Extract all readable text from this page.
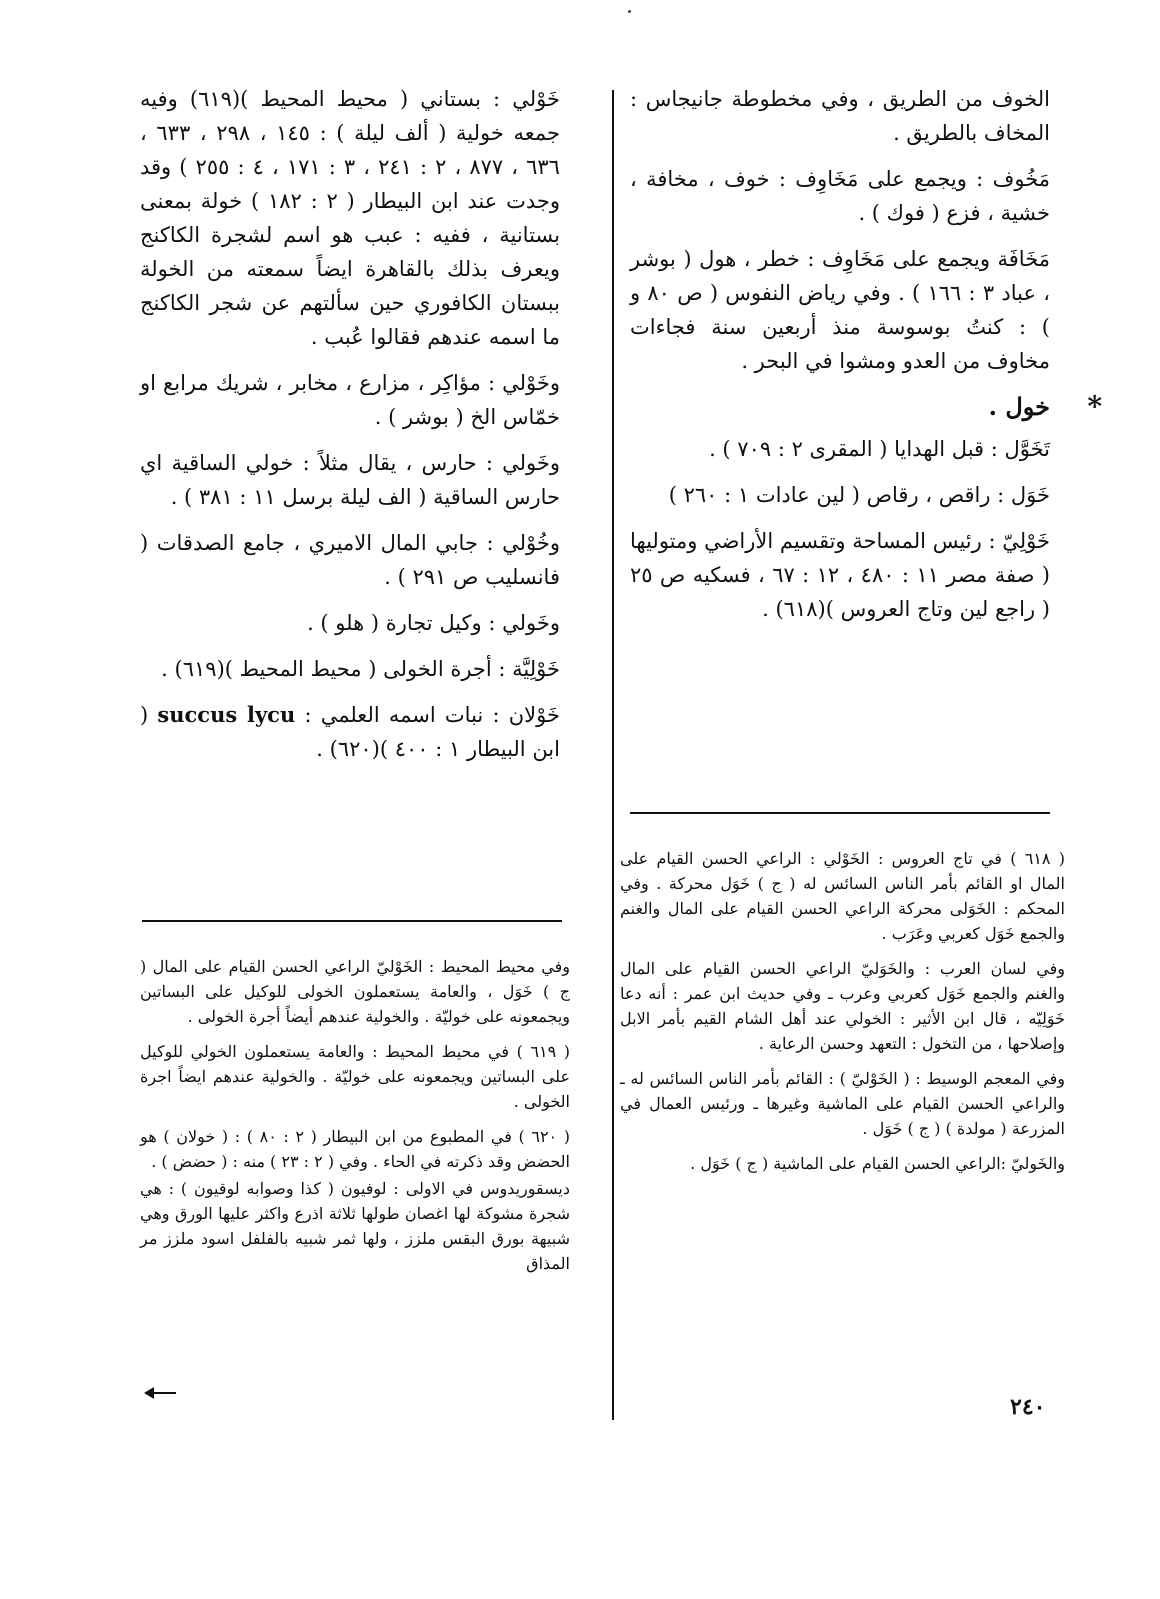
الخوف من الطريق ، وفي مخطوطة جانيجاس : المخاف بالطريق .

مَخُوف : ويجمع على مَخَاوِف : خوف ، مخافة ، خشية ، فزع ( فوك ) .

مَخَافَة ويجمع على مَخَاوِف : خطر ، هول ( بوشر ، عباد ٣ : ١٦٦ ) . وفي رياض النفوس ( ص ٨٠ و ) : كنتُ بوسوسة منذ أربعين سنة فجاءات مخاوف من العدو ومشوا في البحر .

*
خول .

تَخَوَّل : قبل الهدايا ( المقرى ٢ : ٧٠٩ ) .

خَوَل : راقص ، رقاص ( لين عادات ١ : ٢٦٠ )

خَوْلِيّ : رئيس المساحة وتقسيم الأراضي ومتوليها ( صفة مصر ١١ : ٤٨٠ ، ١٢ : ٦٧ ، فسكيه ص ٢٥ ( راجع لين وتاج العروس )(٦١٨) .

خَوْلي : بستاني ( محيط المحيط )(٦١٩) وفيه جمعه خولية ( ألف ليلة ) : ١٤٥ ، ٢٩٨ ، ٦٣٣ ، ٦٣٦ ، ٨٧٧ ، ٢ : ٢٤١ ، ٣ : ١٧١ ، ٤ : ٢٥٥ ) وقد وجدت عند ابن البيطار ( ٢ : ١٨٢ ) خولة بمعنى بستانية ، ففيه : عبب هو اسم لشجرة الكاكنج ويعرف بذلك بالقاهرة ايضاً سمعته من الخولة ببستان الكافوري حين سألتهم عن شجر الكاكنج ما اسمه عندهم فقالوا عُبب .

وخَوْلي : مؤاكِر ، مزارع ، مخابر ، شريك مرابع او خمّاس الخ ( بوشر ) .

وخَولي : حارس ، يقال مثلاً : خولي الساقية اي حارس الساقية ( الف ليلة برسل ١١ : ٣٨١ ) .

وخُوْلي : جابي المال الاميري ، جامع الصدقات ( فانسليب ص ٢٩١ ) .

وخَولي : وكيل تجارة ( هلو ) .

خَوْلِيَّة : أجرة الخولى ( محيط المحيط )(٦١٩) .

خَوْلان : نبات اسمه العلمي : succus lycu ( ابن البيطار ١ : ٤٠٠ )(٦٢٠) .

( ٦١٨ ) في تاج العروس : الخَوْلي : الراعي الحسن القيام على المال او القائم بأمر الناس السائس له ( ج ) خَوَل محركة . وفي المحكم : الخَوَلى محركة الراعي الحسن القيام على المال والغنم والجمع خَوَل كعربي وعَرَب .

وفي لسان العرب : والخَوَليّ الراعي الحسن القيام على المال والغنم والجمع خَوَل كعربي وعرب ـ وفي حديث ابن عمر : أنه دعا خَوَلِيّه ، قال ابن الأثير : الخولي عند أهل الشام القيم بأمر الابل وإصلاحها ، من التخول : التعهد وحسن الرعاية .

وفي المعجم الوسيط : ( الخَوْليّ ) : القائم بأمر الناس السائس له ـ والراعي الحسن القيام على الماشية وغيرها ـ ورئيس العمال في المزرعة ( مولدة ) ( ج ) خَوَل .

والخَوليّ :الراعي الحسن القيام على الماشية ( ج ) خَوَل .

وفي محيط المحيط : الخَوْليّ الراعي الحسن القيام على المال ( ج ) خَوَل ، والعامة يستعملون الخولى للوكيل على البساتين ويجمعونه على خوليّة . والخولية عندهم أيضاً أجرة الخولى .

( ٦١٩ ) في محيط المحيط : والعامة يستعملون الخولي للوكيل على البساتين ويجمعونه على خوليّة . والخولية عندهم ايضاً اجرة الخولى .

( ٦٢٠ ) في المطبوع من ابن البيطار ( ٢ : ٨٠ ) : ( خولان ) هو الحضض وقد ذكرته في الحاء . وفي ( ٢ : ٢٣ ) منه : ( حضض ) .

ديسقوريدوس في الاولى : لوفيون ( كذا وصوابه لوقيون ) : هي شجرة مشوكة لها اغصان طولها ثلاثة اذرع واكثر عليها الورق وهي شبيهة بورق البقس ملزز ، ولها ثمر شبيه بالفلفل اسود ملزز مر المذاق

٢٤٠
